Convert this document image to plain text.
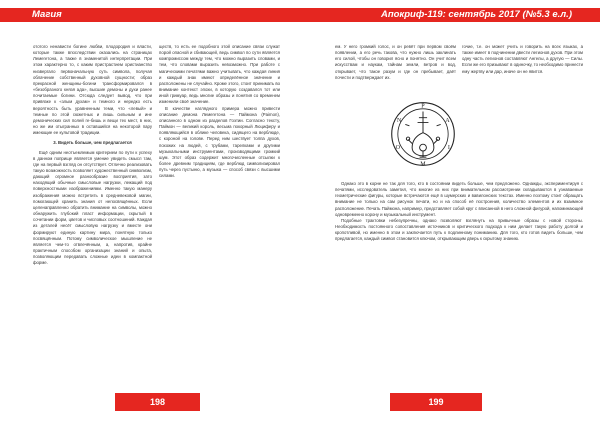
Магия	Апокриф-119: сентябрь 2017 (№5.3 е.л.)

ототого ненависти богине любви, плодородия и власти, которые также впоследствии оказались на страницах Лемегетона, а также в знаменитой интерпретации. При этом характерно то, с каким пристрастием христианство низвергало первоначальную суть символа, получая облачение собственный духовной сущности; образ прекрасной женщины-богини трансформировался в «безобразного князя ада», высшие демоны и духи ранее почитаемые богини. Отсюда следует вывод, что при привязке к «злым духам» и темного и нередко есть вероятность быть уравненным теми, что «левый» и темные по этой сюжетных и лишь сильным и ине демонических сил полей ге-бишь и вещи тех мест, в них, но же им отыгранных в оставшийся на некоторой пару имеющие ее культовой традиции.

3. Видеть больше, чем предлагается

Ещё одним неотъемлемым критерием по пути к успеху в данном поприще является умение увидеть смысл там, где на первый взгляд он отсутствует. Отлично реализовать такую возможность позволяет художественный символизм, дающий огромное разнообразие восприятия, зато находящий обычные смысловые нагрузки, лежащий под поверхностными изображениями. Именно такую манеру изображения можно встретить в средневековой магии, помогающей хранить знания от непосвящённых. Если целенаправленно обратить внимание на символы, можно обнаружить глубокий пласт информации, скрытый в сочетании форм, цветов и числовых соотношений. Каждая из деталей несёт смысловую нагрузку и вместе они формируют единую картину мира, понятную только посвящённым. Потому символическое мышление не является чем-то отвлечённым, а, напротив, крайне практичным способом организации знаний и опыта, позволяющим передавать сложные идеи в компактной форме.

ществ, то есть ее подобного этой описание связи служат порой опасной и сбивающей, ведь символ по сути является компромиссом между тем, что можно выразить словами, и тем, что словами выразить невозможно. При работе с магическими печатями важно учитывать, что каждая линия и каждый знак имеют определённое значение и расположены не случайно. Кроме этого, стоит принимать во внимание контекст эпохи, в которую создавался тот или иной гримуар, ведь многие образы и понятия со временем изменили своё значение.

В качестве наглядного примера можно привести описание демона Лемегетона — Паймона (Paimon), описанного в одном из разделов Гоэтии. Согласно тексту, Паймон — великий король, весьма покорный Люциферу и появляющийся в облике человека, сидящего на верблюде, с короной на голове. Перед ним шествует толпа духов, похожих на людей, с трубами, тарелками и другими музыкальными инструментами, производящими громкий шум. Этот образ содержит многочисленные отсылки к более древним традициям, где верблюд символизировал путь через пустыню, а музыка — способ связи с высшими силами.

ем. У него громкий голос, и он ревёт при первом своём появлении, а его речь такова, что нужно лишь заклинать его силой, чтобы он говорил ясно и понятно. Он учит всем искусствам и наукам, тайнам земли, ветров и вод, открывает, что такое разум и где он пребывает, даёт почести и подтверждает их.

гочие, т.е. он может учить и говорить на всех языках, а также имеет в подчинении двести легионов духов. При этом одну часть легионов составляют Ангелы, а другую — Силы. Если же его призывают в одиночку, то необходимо принести ему жертву или дар, иначе он не явится.

P
A
I
M
O
N

Однако это в корне не так для того, кто в состоянии видеть больше, чем предложено. Однажды, экспериментируя с печатями, исследователь заметил, что многие из них при внимательном рассмотрении складываются в узнаваемые геометрические фигуры, которые встречаются ещё в шумерских и вавилонских текстах. Именно поэтому стоит обращать внимание не только на сам рисунок печати, но и на способ её построения, количество элементов и их взаимное расположение. Печать Паймона, например, представляет собой круг с вписанной в него сложной фигурой, напоминающей одновременно корону и музыкальный инструмент.

Подобные трактовки небезупречны, однако позволяют взглянуть на привычные образы с новой стороны. Необходимость постоянного сопоставления источников и критического подхода к ним делает такую работу долгой и кропотливой, но именно в этом и заключается путь к подлинному пониманию. Для того, кто готов видеть больше, чем предлагается, каждый символ становится ключом, открывающим дверь к скрытому знанию.

198	199
